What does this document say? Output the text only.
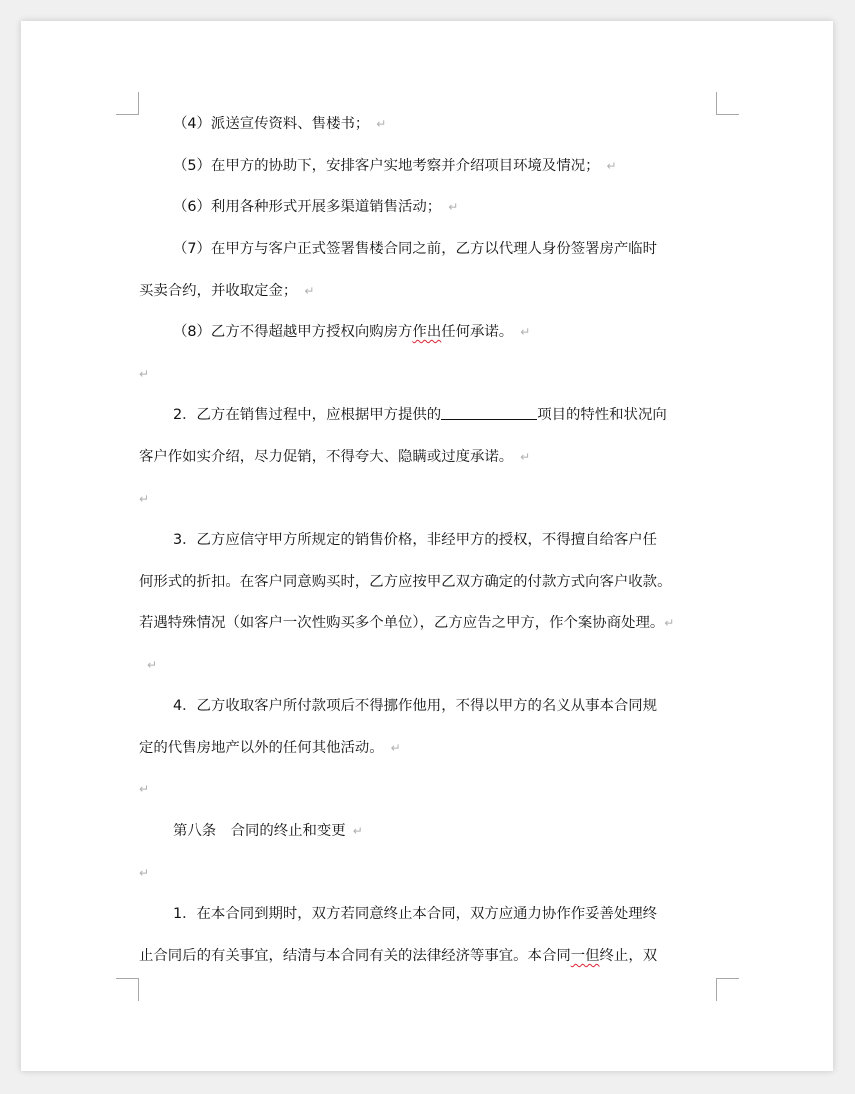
（4）派送宣传资料、售楼书； ↵
（5）在甲方的协助下，安排客户实地考察并介绍项目环境及情况； ↵
（6）利用各种形式开展多渠道销售活动； ↵
（7）在甲方与客户正式签署售楼合同之前，乙方以代理人身份签署房产临时
买卖合约，并收取定金； ↵
（8）乙方不得超越甲方授权向购房方作出任何承诺。 ↵
↵
2．乙方在销售过程中，应根据甲方提供的	项目的特性和状况向
客户作如实介绍，尽力促销，不得夸大、隐瞒或过度承诺。 ↵
↵
3．乙方应信守甲方所规定的销售价格，非经甲方的授权，不得擅自给客户任
何形式的折扣。在客户同意购买时，乙方应按甲乙双方确定的付款方式向客户收款。
若遇特殊情况（如客户一次性购买多个单位），乙方应告之甲方，作个案协商处理。↵
↵
4．乙方收取客户所付款项后不得挪作他用，不得以甲方的名义从事本合同规
定的代售房地产以外的任何其他活动。 ↵
↵
第八条　合同的终止和变更 ↵
↵
1．在本合同到期时，双方若同意终止本合同，双方应通力协作作妥善处理终
止合同后的有关事宜，结清与本合同有关的法律经济等事宜。本合同一但终止，双
